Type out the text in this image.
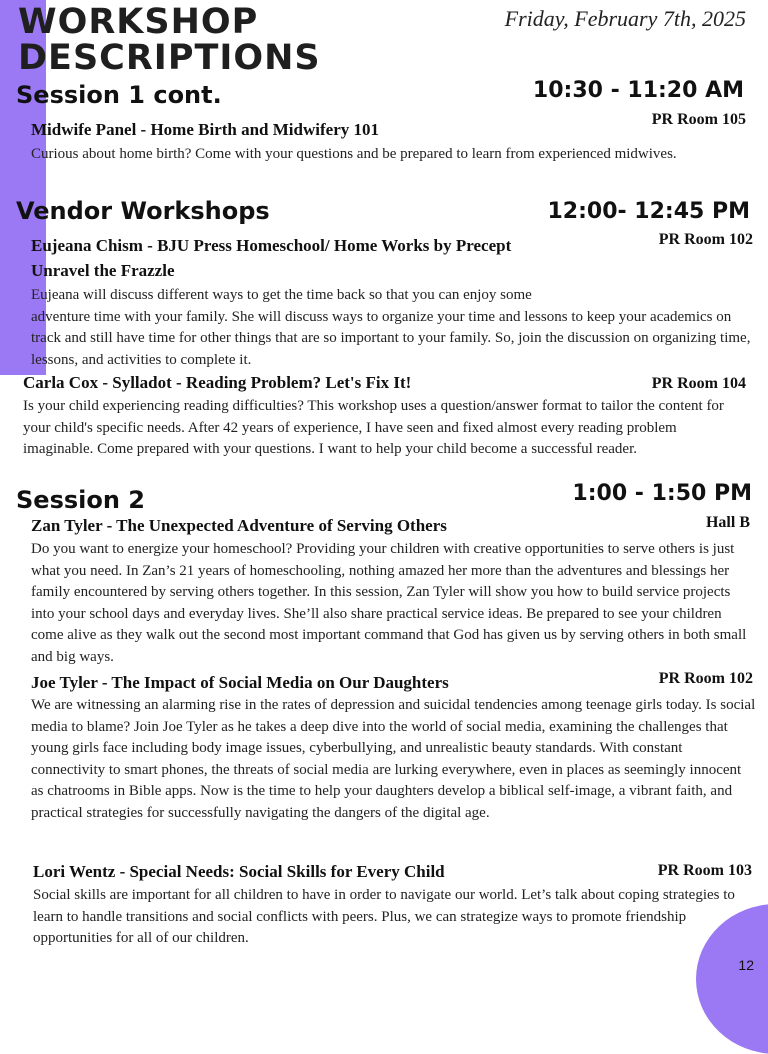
WORKSHOP
DESCRIPTIONS
Friday, February 7th, 2025
Session 1 cont.	10:30 - 11:20 AM
Midwife Panel - Home Birth and Midwifery 101
PR Room 105
Curious about home birth? Come with your questions and be prepared to learn from experienced midwives.
Vendor Workshops	12:00- 12:45 PM
Eujeana Chism - BJU Press Homeschool/ Home Works by Precept	PR Room 102
Unravel the Frazzle
Eujeana will discuss different ways to get the time back so that you can enjoy some
adventure time with your family. She will discuss ways to organize your time and lessons to keep your academics on track and still have time for other things that are so important to your family. So, join the discussion on organizing time, lessons, and activities to complete it.
Carla Cox - Sylladot - Reading Problem? Let's Fix It!	PR Room 104
Is your child experiencing reading difficulties? This workshop uses a question/answer format to tailor the content for your child's specific needs. After 42 years of experience, I have seen and fixed almost every reading problem imaginable. Come prepared with your questions. I want to help your child become a successful reader.
Session 2	1:00 - 1:50 PM
Zan Tyler - The Unexpected Adventure of Serving Others	Hall B
Do you want to energize your homeschool? Providing your children with creative opportunities to serve others is just what you need. In Zan’s 21 years of homeschooling, nothing amazed her more than the adventures and blessings her family encountered by serving others together. In this session, Zan Tyler will show you how to build service projects into your school days and everyday lives. She’ll also share practical service ideas. Be prepared to see your children come alive as they walk out the second most important command that God has given us by serving others in both small and big ways.
Joe Tyler - The Impact of Social Media on Our Daughters	PR Room 102
We are witnessing an alarming rise in the rates of depression and suicidal tendencies among teenage girls today. Is social media to blame? Join Joe Tyler as he takes a deep dive into the world of social media, examining the challenges that young girls face including body image issues, cyberbullying, and unrealistic beauty standards. With constant connectivity to smart phones, the threats of social media are lurking everywhere, even in places as seemingly innocent as chatrooms in Bible apps. Now is the time to help your daughters develop a biblical self-image, a vibrant faith, and practical strategies for successfully navigating the dangers of the digital age.
Lori Wentz - Special Needs: Social Skills for Every Child	PR Room 103
Social skills are important for all children to have in order to navigate our world. Let’s talk about coping strategies to learn to handle transitions and social conflicts with peers. Plus, we can strategize ways to promote friendship opportunities for all of our children.
12
